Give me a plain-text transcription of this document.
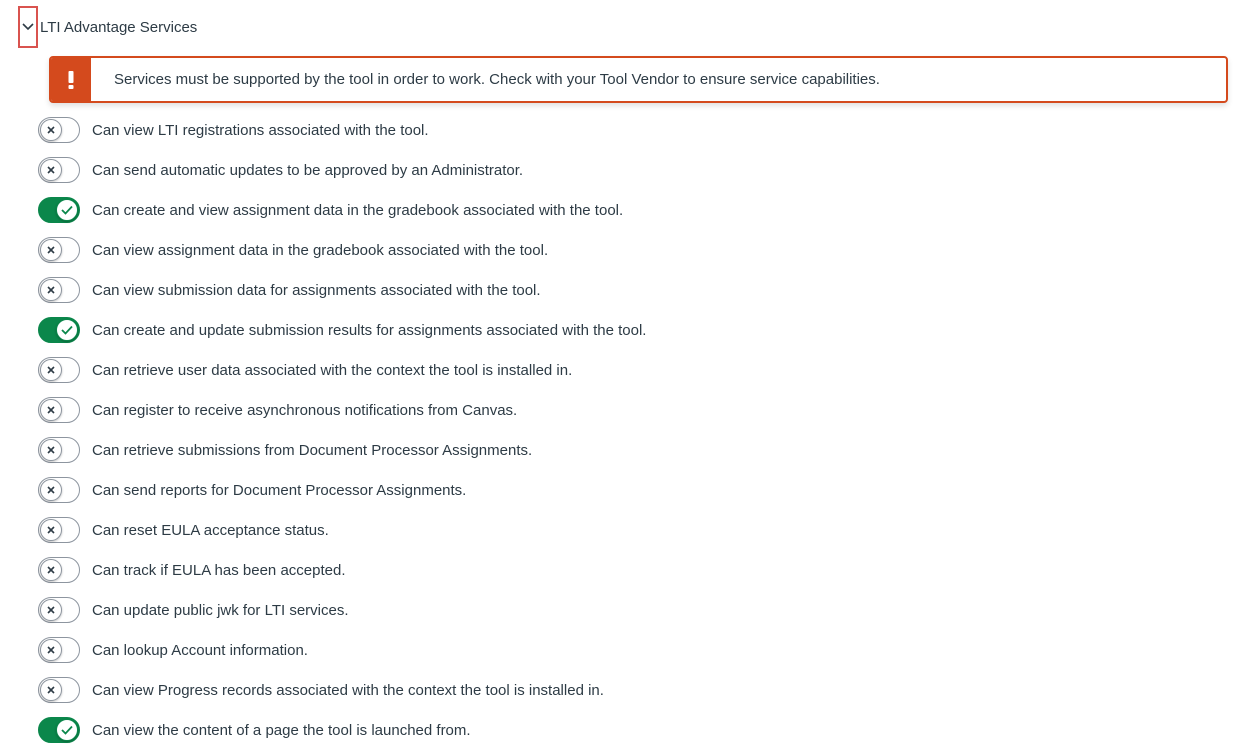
LTI Advantage Services
Services must be supported by the tool in order to work. Check with your Tool Vendor to ensure service capabilities.
Can view LTI registrations associated with the tool.
Can send automatic updates to be approved by an Administrator.
Can create and view assignment data in the gradebook associated with the tool.
Can view assignment data in the gradebook associated with the tool.
Can view submission data for assignments associated with the tool.
Can create and update submission results for assignments associated with the tool.
Can retrieve user data associated with the context the tool is installed in.
Can register to receive asynchronous notifications from Canvas.
Can retrieve submissions from Document Processor Assignments.
Can send reports for Document Processor Assignments.
Can reset EULA acceptance status.
Can track if EULA has been accepted.
Can update public jwk for LTI services.
Can lookup Account information.
Can view Progress records associated with the context the tool is installed in.
Can view the content of a page the tool is launched from.
